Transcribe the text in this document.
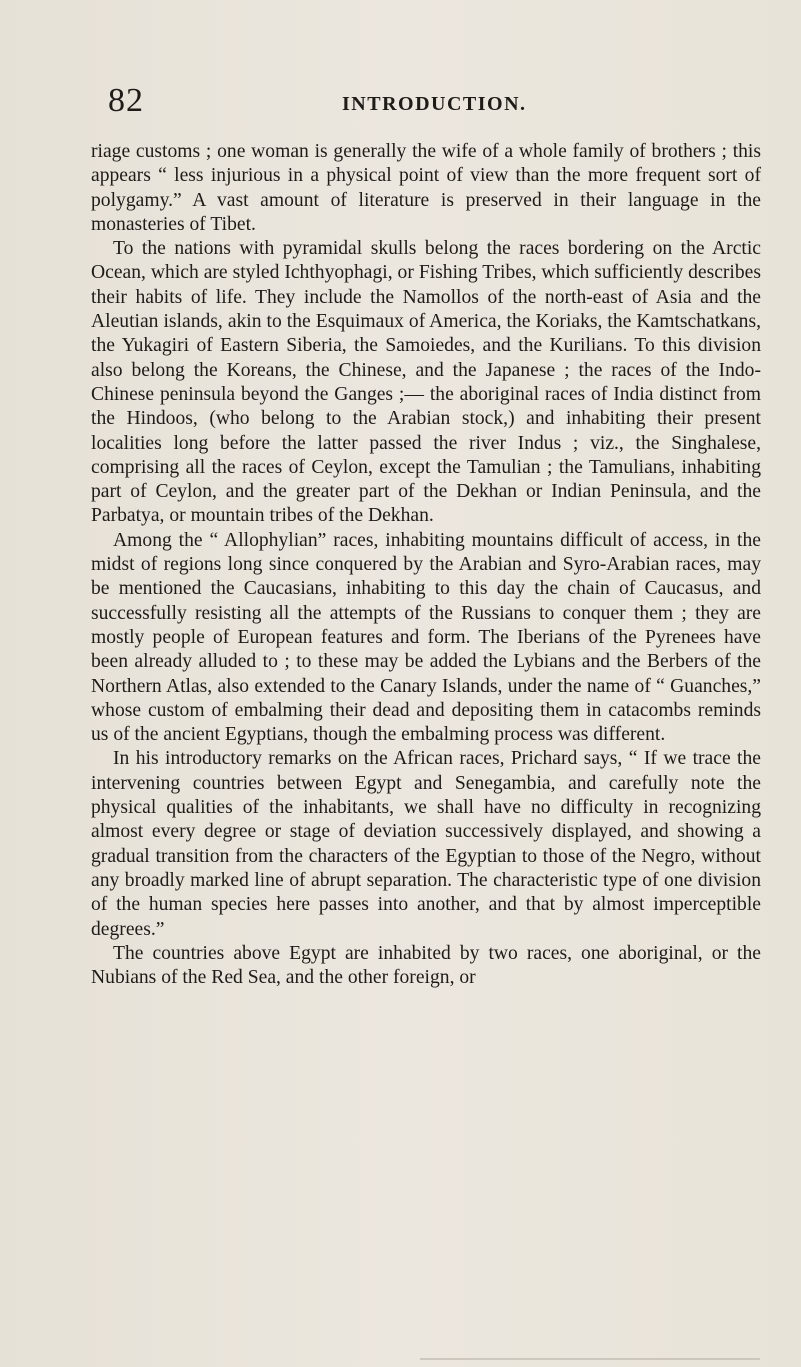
82	INTRODUCTION.

riage customs ; one woman is generally the wife of a whole family of brothers ; this appears “ less injurious in a physical point of view than the more frequent sort of polygamy.” A vast amount of literature is preserved in their language in the monasteries of Tibet.

To the nations with pyramidal skulls belong the races bordering on the Arctic Ocean, which are styled Ichthyophagi, or Fishing Tribes, which sufficiently describes their habits of life. They include the Namollos of the north-east of Asia and the Aleutian islands, akin to the Esquimaux of America, the Koriaks, the Kamtschatkans, the Yukagiri of Eastern Siberia, the Samoiedes, and the Kurilians. To this division also belong the Koreans, the Chinese, and the Japanese ; the races of the Indo-Chinese peninsula beyond the Ganges ;— the aboriginal races of India distinct from the Hindoos, (who belong to the Arabian stock,) and inhabiting their present localities long before the latter passed the river Indus ; viz., the Singhalese, comprising all the races of Ceylon, except the Tamulian ; the Tamulians, inhabiting part of Ceylon, and the greater part of the Dekhan or Indian Peninsula, and the Parbatya, or mountain tribes of the Dekhan.

Among the “ Allophylian” races, inhabiting mountains difficult of access, in the midst of regions long since conquered by the Arabian and Syro-Arabian races, may be mentioned the Caucasians, inhabiting to this day the chain of Caucasus, and successfully resisting all the attempts of the Russians to conquer them ; they are mostly people of European features and form. The Iberians of the Pyrenees have been already alluded to ; to these may be added the Lybians and the Berbers of the Northern Atlas, also extended to the Canary Islands, under the name of “ Guanches,” whose custom of embalming their dead and depositing them in catacombs reminds us of the ancient Egyptians, though the embalming process was different.

In his introductory remarks on the African races, Prichard says, “ If we trace the intervening countries between Egypt and Senegambia, and carefully note the physical qualities of the inhabitants, we shall have no difficulty in recognizing almost every degree or stage of deviation successively displayed, and showing a gradual transition from the characters of the Egyptian to those of the Negro, without any broadly marked line of abrupt separation. The characteristic type of one division of the human species here passes into another, and that by almost imperceptible degrees.”

The countries above Egypt are inhabited by two races, one aboriginal, or the Nubians of the Red Sea, and the other foreign, or
